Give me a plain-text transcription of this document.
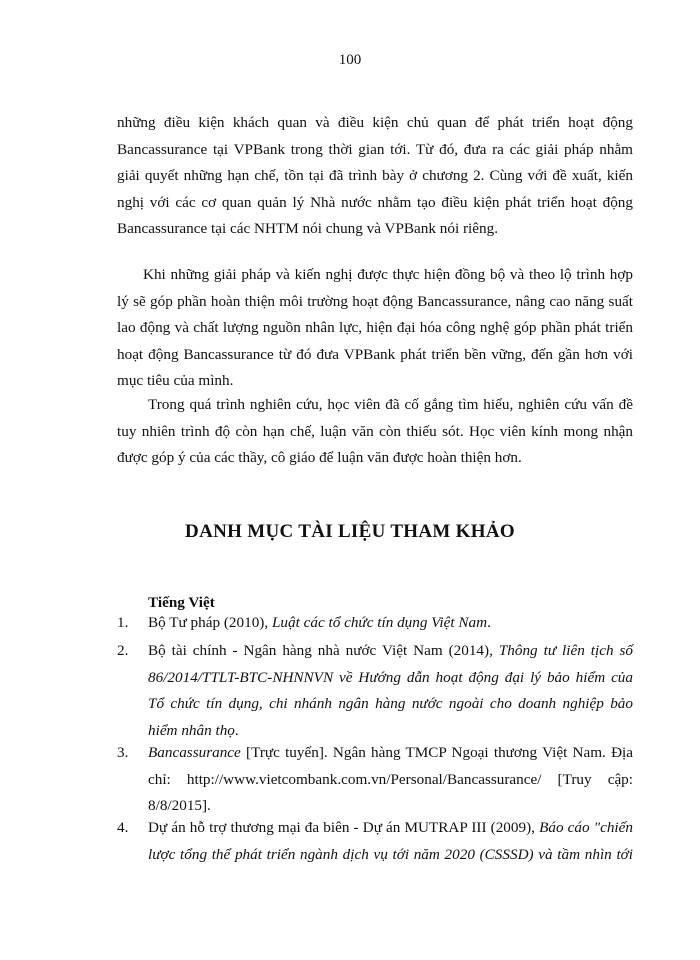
100
những điều kiện khách quan và điều kiện chủ quan để phát triển hoạt động
Bancassurance tại VPBank trong thời gian tới. Từ đó, đưa ra các giải pháp nhằm
giải quyết những hạn chế, tồn tại đã trình bày ở chương 2. Cùng với đề xuất, kiến
nghị với các cơ quan quản lý Nhà nước nhằm tạo điều kiện phát triển hoạt động
Bancassurance tại các NHTM nói chung và VPBank nói riêng.
Khi những giải pháp và kiến nghị được thực hiện đồng bộ và theo lộ trình hợp
lý sẽ góp phần hoàn thiện môi trường hoạt động Bancassurance, nâng cao năng suất
lao động và chất lượng nguồn nhân lực, hiện đại hóa công nghệ góp phần phát triển
hoạt động Bancassurance từ đó đưa VPBank phát triển bền vững, đến gần hơn với
mục tiêu của mình.
Trong quá trình nghiên cứu, học viên đã cố gắng tìm hiểu, nghiên cứu vấn đề
tuy nhiên trình độ còn hạn chế, luận văn còn thiếu sót. Học viên kính mong nhận
được góp ý của các thầy, cô giáo để luận văn được hoàn thiện hơn.
DANH MỤC TÀI LIỆU THAM KHẢO
Tiếng Việt
1. Bộ Tư pháp (2010), Luật các tổ chức tín dụng Việt Nam.
2. Bộ tài chính - Ngân hàng nhà nước Việt Nam (2014), Thông tư liên tịch số
86/2014/TTLT-BTC-NHNNVN về Hướng dẫn hoạt động đại lý bảo hiểm của
Tổ chức tín dụng, chi nhánh ngân hàng nước ngoài cho doanh nghiệp bảo
hiểm nhân thọ.
3. Bancassurance [Trực tuyến]. Ngân hàng TMCP Ngoại thương Việt Nam. Địa
chỉ: http://www.vietcombank.com.vn/Personal/Bancassurance/ [Truy cập:
8/8/2015].
4. Dự án hỗ trợ thương mại đa biên - Dự án MUTRAP III (2009), Báo cáo "chiến
lược tổng thể phát triển ngành dịch vụ tới năm 2020 (CSSSD) và tầm nhìn tới
